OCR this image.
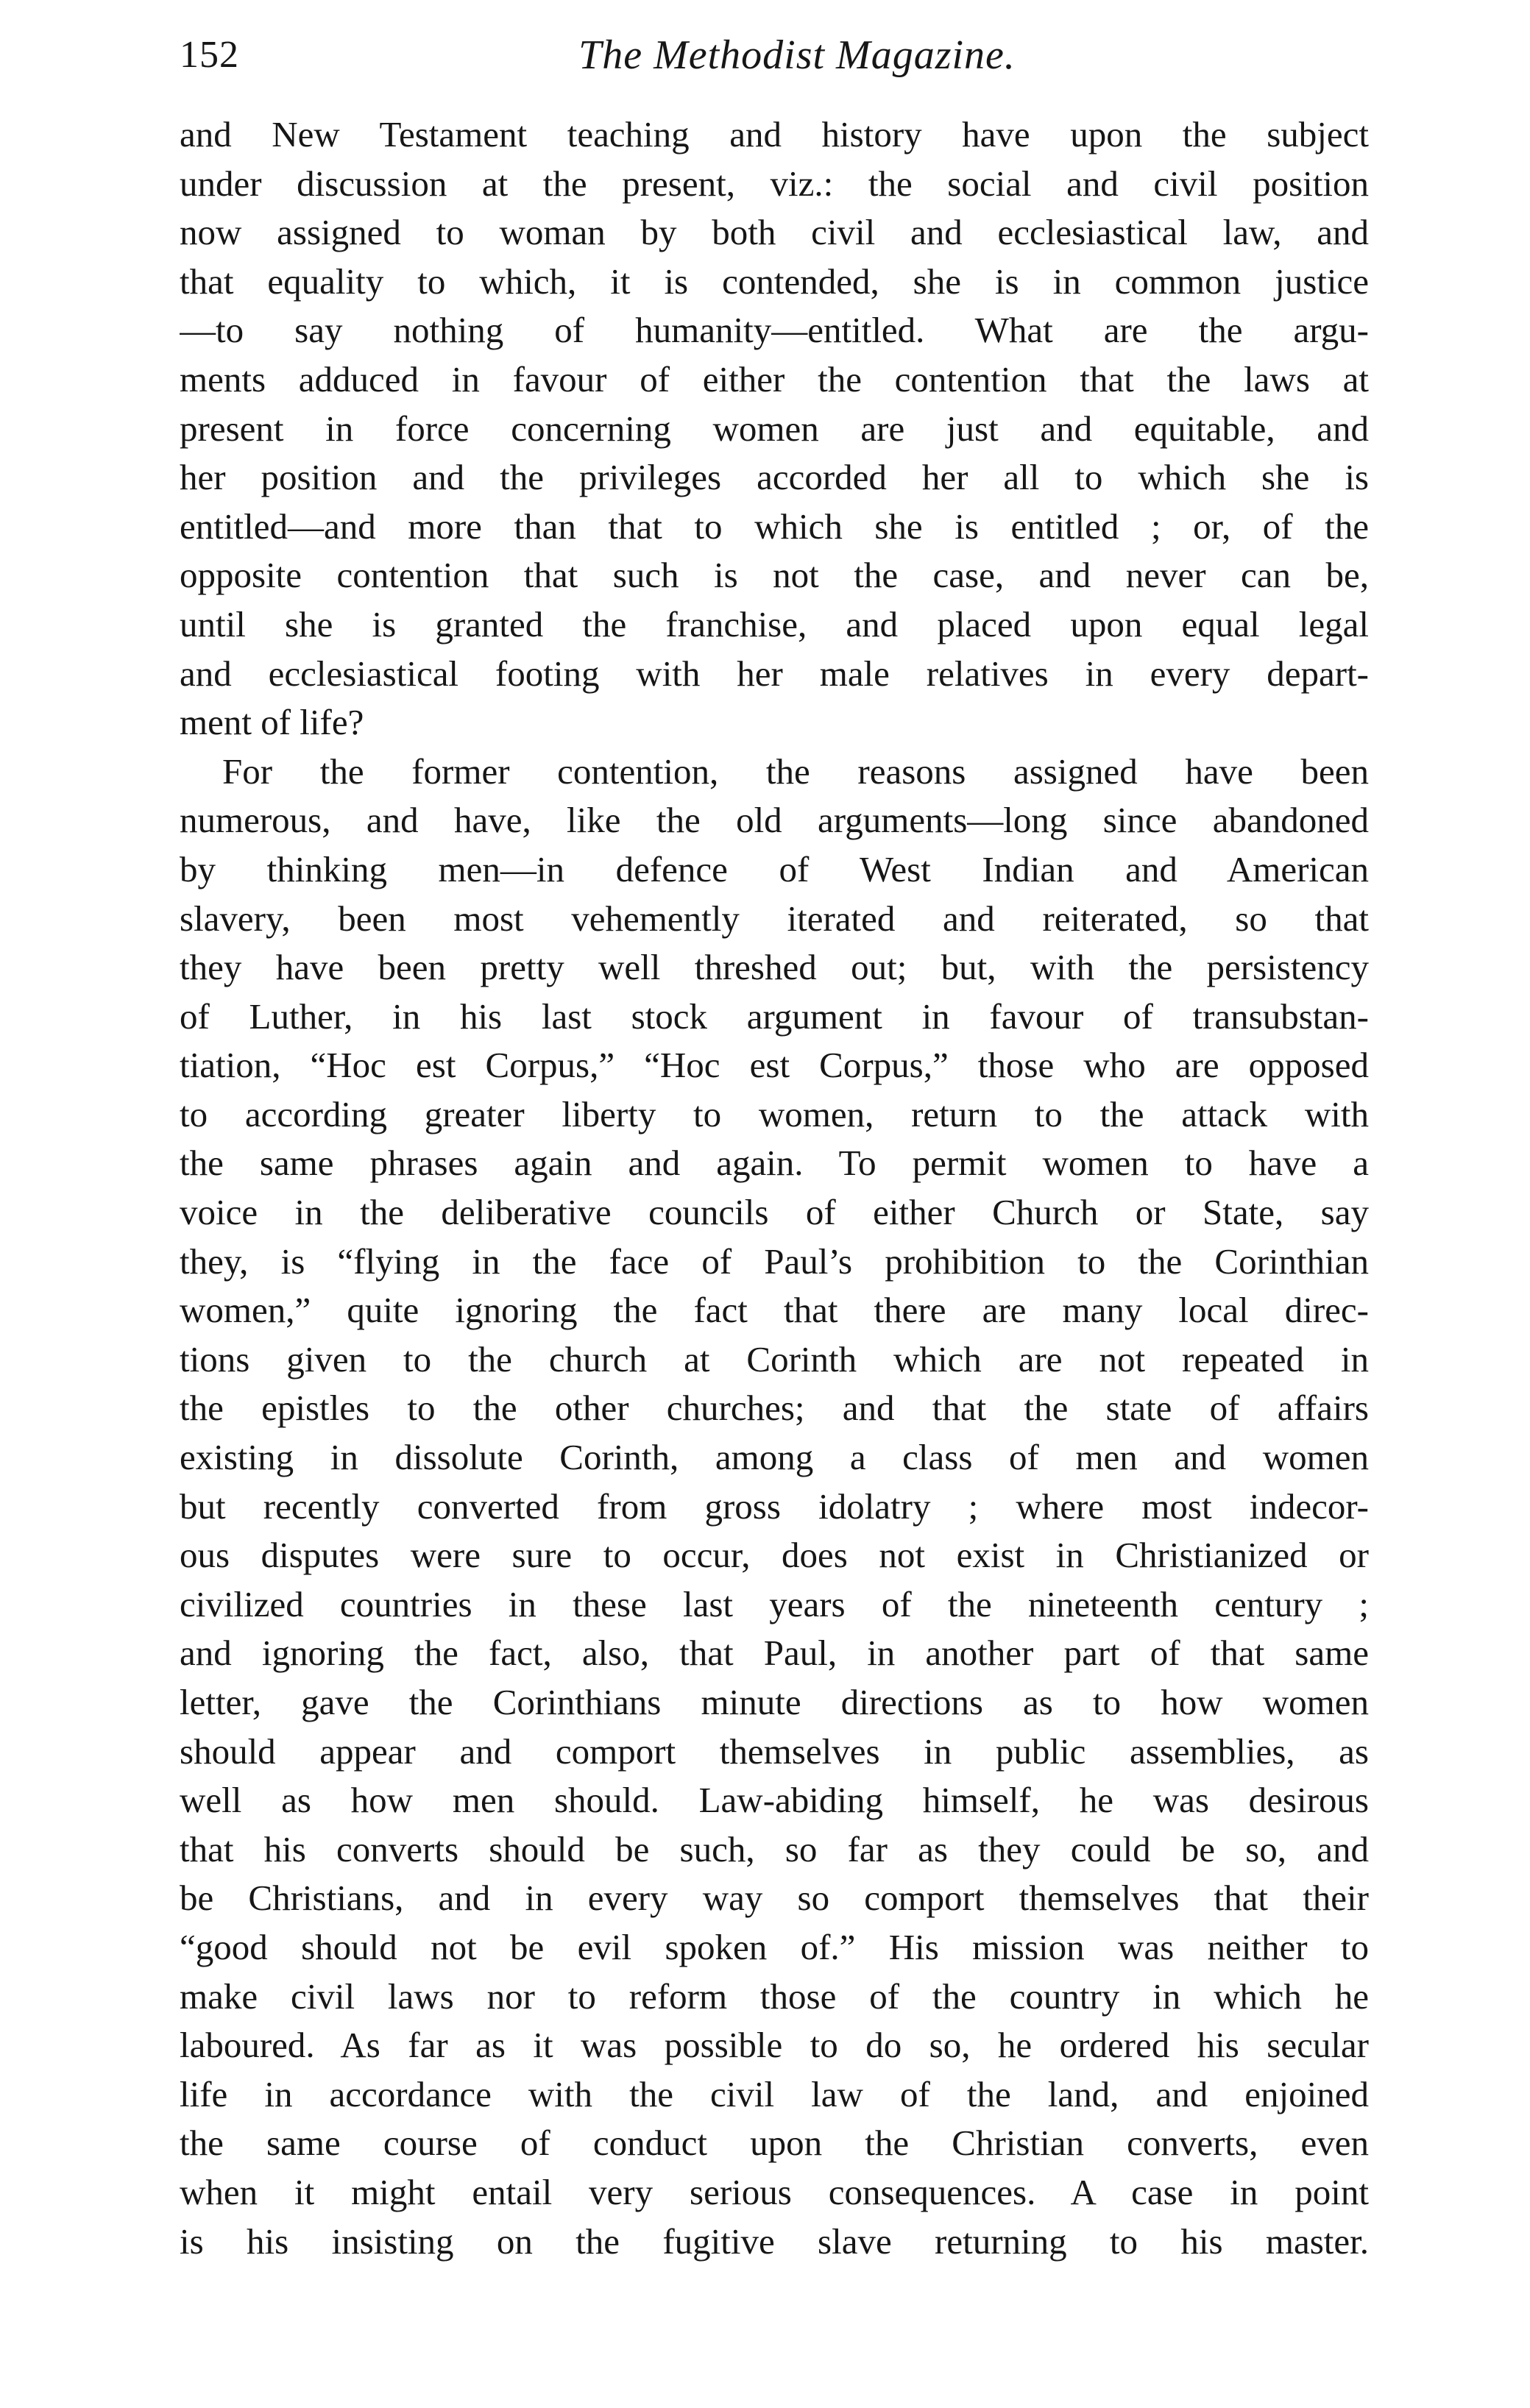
152	The Methodist Magazine.
and New Testament teaching and history have upon the subject
under discussion at the present, viz.: the social and civil position
now assigned to woman by both civil and ecclesiastical law, and
that equality to which, it is contended, she is in common justice
—to say nothing of humanity—entitled. What are the argu-
ments adduced in favour of either the contention that the laws at
present in force concerning women are just and equitable, and
her position and the privileges accorded her all to which she is
entitled—and more than that to which she is entitled ; or, of the
opposite contention that such is not the case, and never can be,
until she is granted the franchise, and placed upon equal legal
and ecclesiastical footing with her male relatives in every depart-
ment of life?
For the former contention, the reasons assigned have been
numerous, and have, like the old arguments—long since abandoned
by thinking men—in defence of West Indian and American
slavery, been most vehemently iterated and reiterated, so that
they have been pretty well threshed out; but, with the persistency
of Luther, in his last stock argument in favour of transubstan-
tiation, “Hoc est Corpus,” “Hoc est Corpus,” those who are opposed
to according greater liberty to women, return to the attack with
the same phrases again and again. To permit women to have a
voice in the deliberative councils of either Church or State, say
they, is “flying in the face of Paul’s prohibition to the Corinthian
women,” quite ignoring the fact that there are many local direc-
tions given to the church at Corinth which are not repeated in
the epistles to the other churches; and that the state of affairs
existing in dissolute Corinth, among a class of men and women
but recently converted from gross idolatry ; where most indecor-
ous disputes were sure to occur, does not exist in Christianized or
civilized countries in these last years of the nineteenth century ;
and ignoring the fact, also, that Paul, in another part of that same
letter, gave the Corinthians minute directions as to how women
should appear and comport themselves in public assemblies, as
well as how men should. Law-abiding himself, he was desirous
that his converts should be such, so far as they could be so, and
be Christians, and in every way so comport themselves that their
“good should not be evil spoken of.” His mission was neither to
make civil laws nor to reform those of the country in which he
laboured. As far as it was possible to do so, he ordered his secular
life in accordance with the civil law of the land, and enjoined
the same course of conduct upon the Christian converts, even
when it might entail very serious consequences. A case in point
is his insisting on the fugitive slave returning to his master.
